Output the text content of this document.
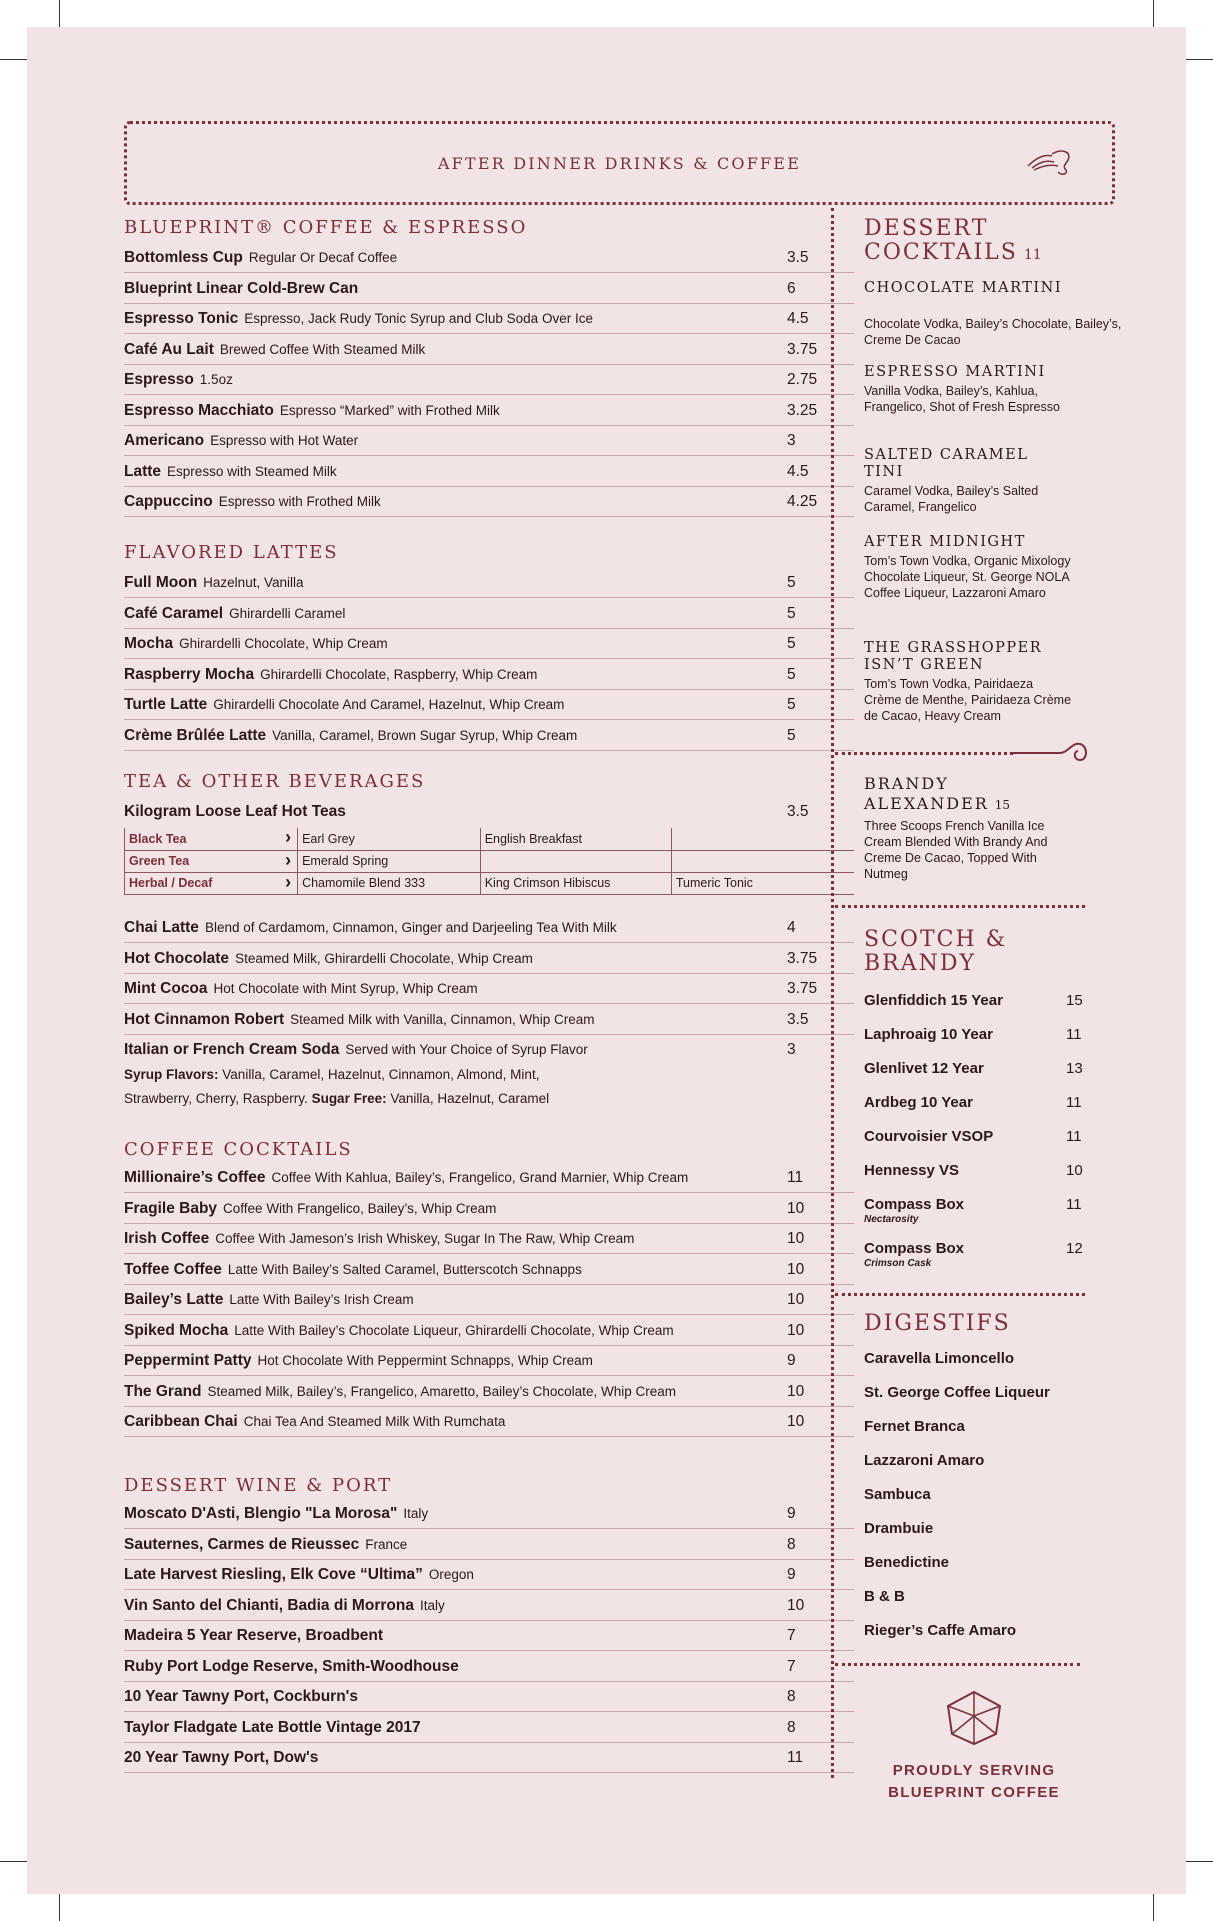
AFTER DINNER DRINKS & COFFEE
BLUEPRINT® COFFEE & ESPRESSO
Bottomless Cup Regular Or Decaf Coffee	3.5
Blueprint Linear Cold-Brew Can	6
Espresso Tonic Espresso, Jack Rudy Tonic Syrup and Club Soda Over Ice	4.5
Café Au Lait Brewed Coffee With Steamed Milk	3.75
Espresso 1.5oz	2.75
Espresso Macchiato Espresso “Marked” with Frothed Milk	3.25
Americano Espresso with Hot Water	3
Latte Espresso with Steamed Milk	4.5
Cappuccino Espresso with Frothed Milk	4.25
FLAVORED LATTES
Full Moon Hazelnut, Vanilla	5
Café Caramel Ghirardelli Caramel	5
Mocha Ghirardelli Chocolate, Whip Cream	5
Raspberry Mocha Ghirardelli Chocolate, Raspberry, Whip Cream	5
Turtle Latte Ghirardelli Chocolate And Caramel, Hazelnut, Whip Cream	5
Crème Brûlée Latte Vanilla, Caramel, Brown Sugar Syrup, Whip Cream	5
TEA & OTHER BEVERAGES
Kilogram Loose Leaf Hot Teas	3.5
Black Tea ›	Earl Grey	English Breakfast	
Green Tea ›	Emerald Spring		
Herbal / Decaf ›	Chamomile Blend 333	King Crimson Hibiscus	Tumeric Tonic
Chai Latte Blend of Cardamom, Cinnamon, Ginger and Darjeeling Tea With Milk	4
Hot Chocolate Steamed Milk, Ghirardelli Chocolate, Whip Cream	3.75
Mint Cocoa Hot Chocolate with Mint Syrup, Whip Cream	3.75
Hot Cinnamon Robert Steamed Milk with Vanilla, Cinnamon, Whip Cream	3.5
Italian or French Cream Soda Served with Your Choice of Syrup Flavor	3
Syrup Flavors: Vanilla, Caramel, Hazelnut, Cinnamon, Almond, Mint,
Strawberry, Cherry, Raspberry. Sugar Free: Vanilla, Hazelnut, Caramel
COFFEE COCKTAILS
Millionaire’s Coffee Coffee With Kahlua, Bailey’s, Frangelico, Grand Marnier, Whip Cream	11
Fragile Baby Coffee With Frangelico, Bailey’s, Whip Cream	10
Irish Coffee Coffee With Jameson’s Irish Whiskey, Sugar In The Raw, Whip Cream	10
Toffee Coffee Latte With Bailey’s Salted Caramel, Butterscotch Schnapps	10
Bailey’s Latte Latte With Bailey’s Irish Cream	10
Spiked Mocha Latte With Bailey’s Chocolate Liqueur, Ghirardelli Chocolate, Whip Cream	10
Peppermint Patty Hot Chocolate With Peppermint Schnapps, Whip Cream	9
The Grand Steamed Milk, Bailey’s, Frangelico, Amaretto, Bailey’s Chocolate, Whip Cream	10
Caribbean Chai Chai Tea And Steamed Milk With Rumchata	10
DESSERT WINE & PORT
Moscato D'Asti, Blengio "La Morosa" Italy	9
Sauternes, Carmes de Rieussec France	8
Late Harvest Riesling, Elk Cove “Ultima” Oregon	9
Vin Santo del Chianti, Badia di Morrona Italy	10
Madeira 5 Year Reserve, Broadbent	7
Ruby Port Lodge Reserve, Smith-Woodhouse	7
10 Year Tawny Port, Cockburn's	8
Taylor Fladgate Late Bottle Vintage 2017	8
20 Year Tawny Port, Dow's	11
DESSERT
COCKTAILS 11
CHOCOLATE MARTINI
Chocolate Vodka, Bailey’s Chocolate, Bailey’s, Creme De Cacao
ESPRESSO MARTINI
Vanilla Vodka, Bailey’s, Kahlua, Frangelico, Shot of Fresh Espresso
SALTED CARAMEL TINI
Caramel Vodka, Bailey’s Salted Caramel, Frangelico
AFTER MIDNIGHT
Tom’s Town Vodka, Organic Mixology Chocolate Liqueur, St. George NOLA Coffee Liqueur, Lazzaroni Amaro
THE GRASSHOPPER ISN’T GREEN
Tom’s Town Vodka, Pairidaeza Crème de Menthe, Pairidaeza Crème de Cacao, Heavy Cream
BRANDY
ALEXANDER 15
Three Scoops French Vanilla Ice Cream Blended With Brandy And Creme De Cacao, Topped With Nutmeg
SCOTCH &
BRANDY
Glenfiddich 15 Year	15
Laphroaig 10 Year	11
Glenlivet 12 Year	13
Ardbeg 10 Year	11
Courvoisier VSOP	11
Hennessy VS	10
Compass Box	11
Nectarosity
Compass Box	12
Crimson Cask
DIGESTIFS
Caravella Limoncello
St. George Coffee Liqueur
Fernet Branca
Lazzaroni Amaro
Sambuca
Drambuie
Benedictine
B & B
Rieger’s Caffe Amaro
PROUDLY SERVING
BLUEPRINT COFFEE
